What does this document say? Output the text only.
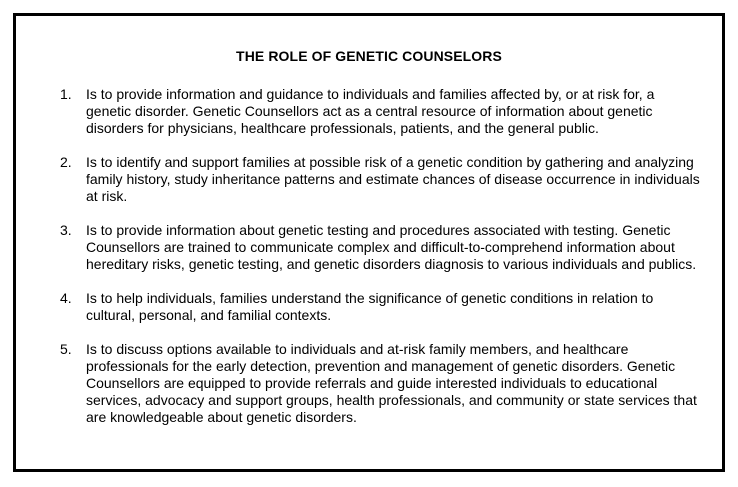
THE ROLE OF GENETIC COUNSELORS
1. Is to provide information and guidance to individuals and families affected by, or at risk for, a genetic disorder. Genetic Counsellors act as a central resource of information about genetic disorders for physicians, healthcare professionals, patients, and the general public.
2. Is to identify and support families at possible risk of a genetic condition by gathering and analyzing family history, study inheritance patterns and estimate chances of disease occurrence in individuals at risk.
3. Is to provide information about genetic testing and procedures associated with testing. Genetic Counsellors are trained to communicate complex and difficult-to-comprehend information about hereditary risks, genetic testing, and genetic disorders diagnosis to various individuals and publics.
4. Is to help individuals, families understand the significance of genetic conditions in relation to cultural, personal, and familial contexts.
5. Is to discuss options available to individuals and at-risk family members, and healthcare professionals for the early detection, prevention and management of genetic disorders. Genetic Counsellors are equipped to provide referrals and guide interested individuals to educational services, advocacy and support groups, health professionals, and community or state services that are knowledgeable about genetic disorders.
